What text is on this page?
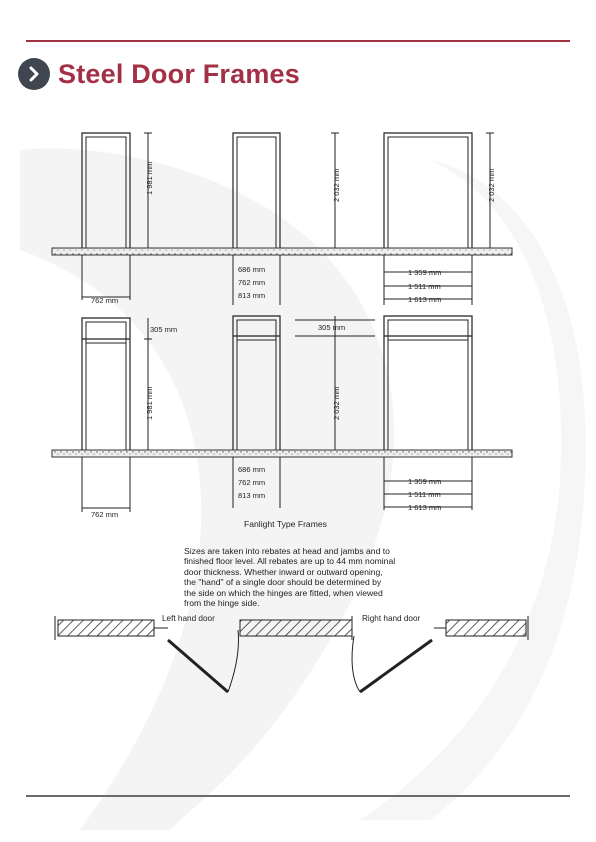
Steel Door Frames
1 981 mm	2 032 mm	2 032 mm
762 mm
686 mm
762 mm
813 mm
1 359 mm
1 511 mm
1 613 mm
305 mm	305 mm
1 981 mm	2 032 mm
762 mm
686 mm
762 mm
813 mm
1 359 mm
1 511 mm
1 613 mm
Left hand door	Right hand door
Fanlight Type Frames
Sizes are taken into rebates at head and jambs and to
finished floor level. All rebates are up to 44 mm nominal
door thickness. Whether inward or outward opening,
the "hand" of a single door should be determined by
the side on which the hinges are fitted, when viewed
from the hinge side.
